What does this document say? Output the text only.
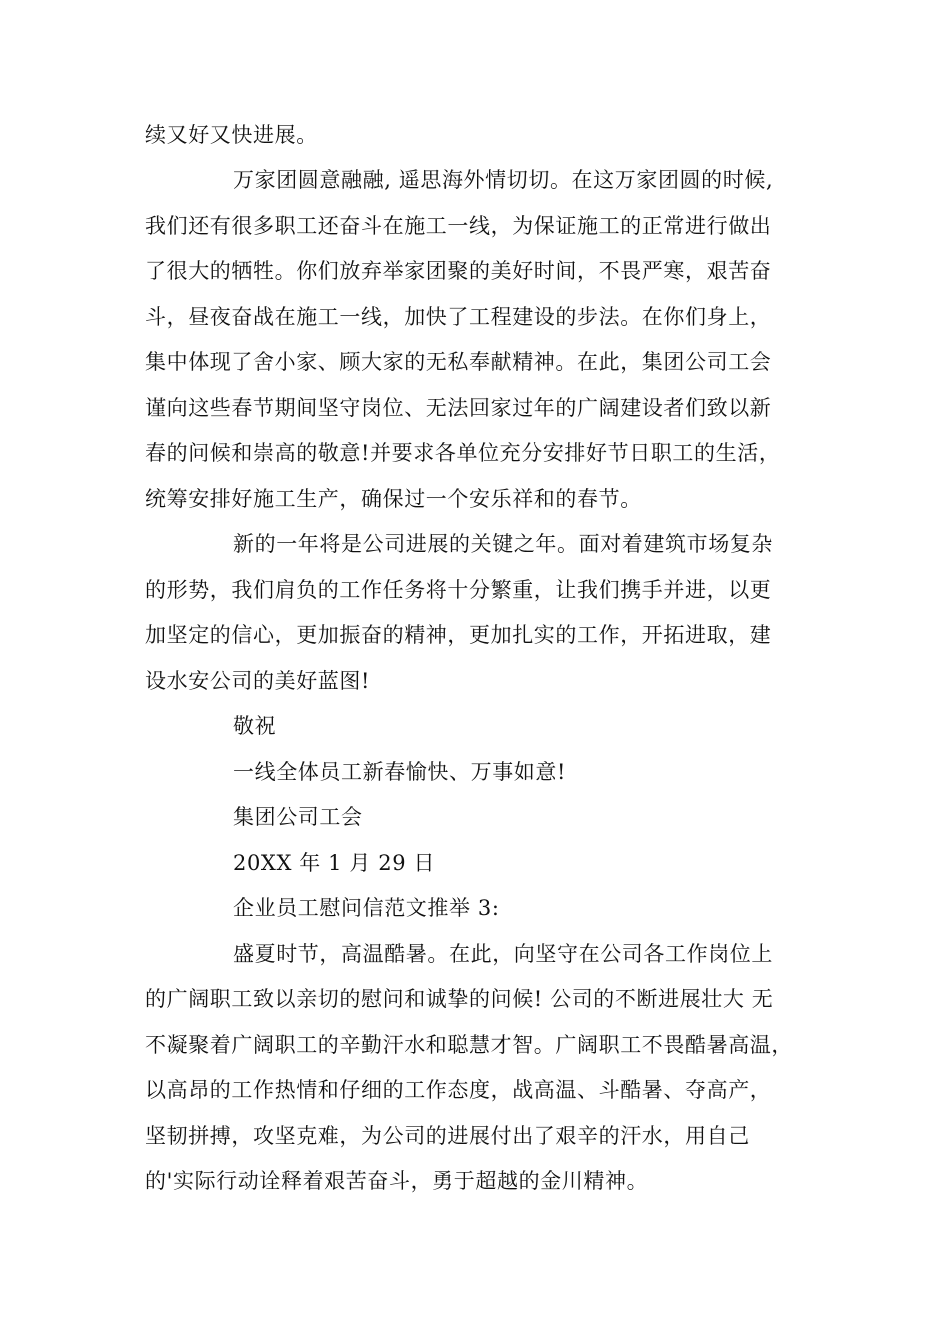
续又好又快进展。
万家团圆意融融, 遥思海外情切切。在这万家团圆的时候,
我们还有很多职工还奋斗在施工一线，为保证施工的正常进行做出
了很大的牺牲。你们放弃举家团聚的美好时间，不畏严寒，艰苦奋
斗，昼夜奋战在施工一线，加快了工程建设的步法。在你们身上，
集中体现了舍小家、顾大家的无私奉献精神。在此，集团公司工会
谨向这些春节期间坚守岗位、无法回家过年的广阔建设者们致以新
春的问候和崇高的敬意!并要求各单位充分安排好节日职工的生活，
统筹安排好施工生产，确保过一个安乐祥和的春节。
新的一年将是公司进展的关键之年。面对着建筑市场复杂
的形势，我们肩负的工作任务将十分繁重，让我们携手并进，以更
加坚定的信心，更加振奋的精神，更加扎实的工作，开拓进取，建
设水安公司的美好蓝图!
敬祝
一线全体员工新春愉快、万事如意!
集团公司工会
20XX 年 1 月 29 日
企业员工慰问信范文推举 3:
盛夏时节，高温酷暑。在此，向坚守在公司各工作岗位上
的广阔职工致以亲切的慰问和诚挚的问候! 公司的不断进展壮大 无
不凝聚着广阔职工的辛勤汗水和聪慧才智。广阔职工不畏酷暑高温，
以高昂的工作热情和仔细的工作态度，战高温、斗酷暑、夺高产，
坚韧拼搏，攻坚克难，为公司的进展付出了艰辛的汗水，用自己
的'实际行动诠释着艰苦奋斗，勇于超越的金川精神。
